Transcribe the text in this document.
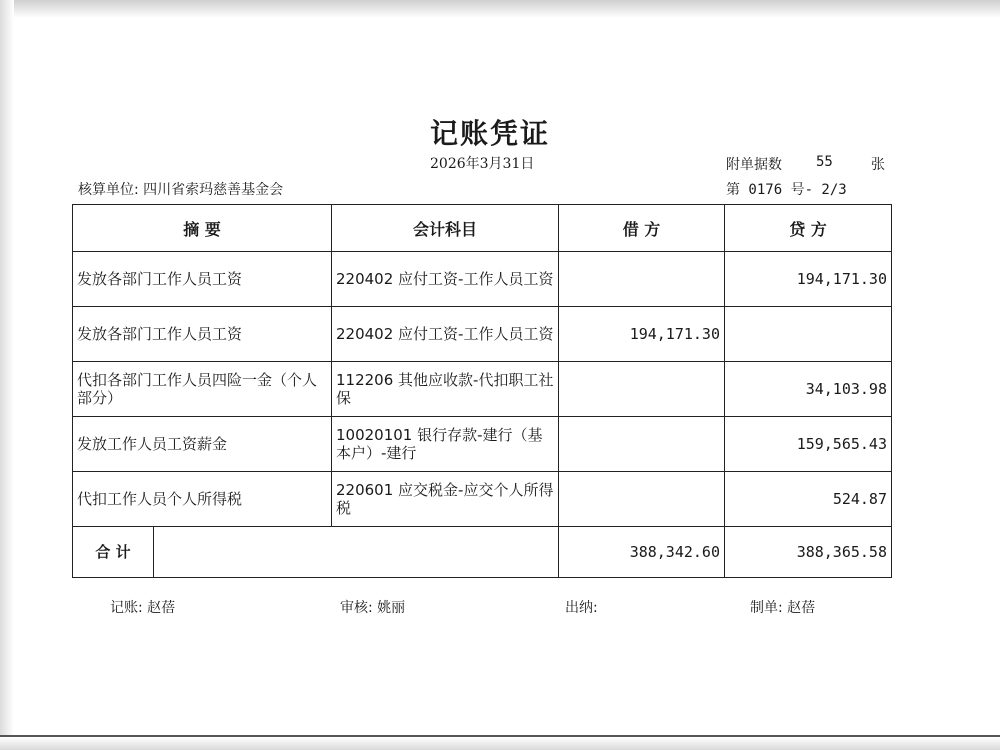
记账凭证
2026年3月31日	附单据数	55	张
核算单位: 四川省索玛慈善基金会	第 0176 号- 2/3
摘 要	会计科目	借 方	贷 方
发放各部门工作人员工资	220402 应付工资-工作人员工资		194,171.30
发放各部门工作人员工资	220402 应付工资-工作人员工资	194,171.30	
代扣各部门工作人员四险一金（个人部分）	112206 其他应收款-代扣职工社保		34,103.98
发放工作人员工资薪金	10020101 银行存款-建行（基本户）-建行		159,565.43
代扣工作人员个人所得税	220601 应交税金-应交个人所得税		524.87

合 计		388,342.60	388,365.58
记账: 赵蓓	审核: 姚丽	出纳:	制单: 赵蓓
